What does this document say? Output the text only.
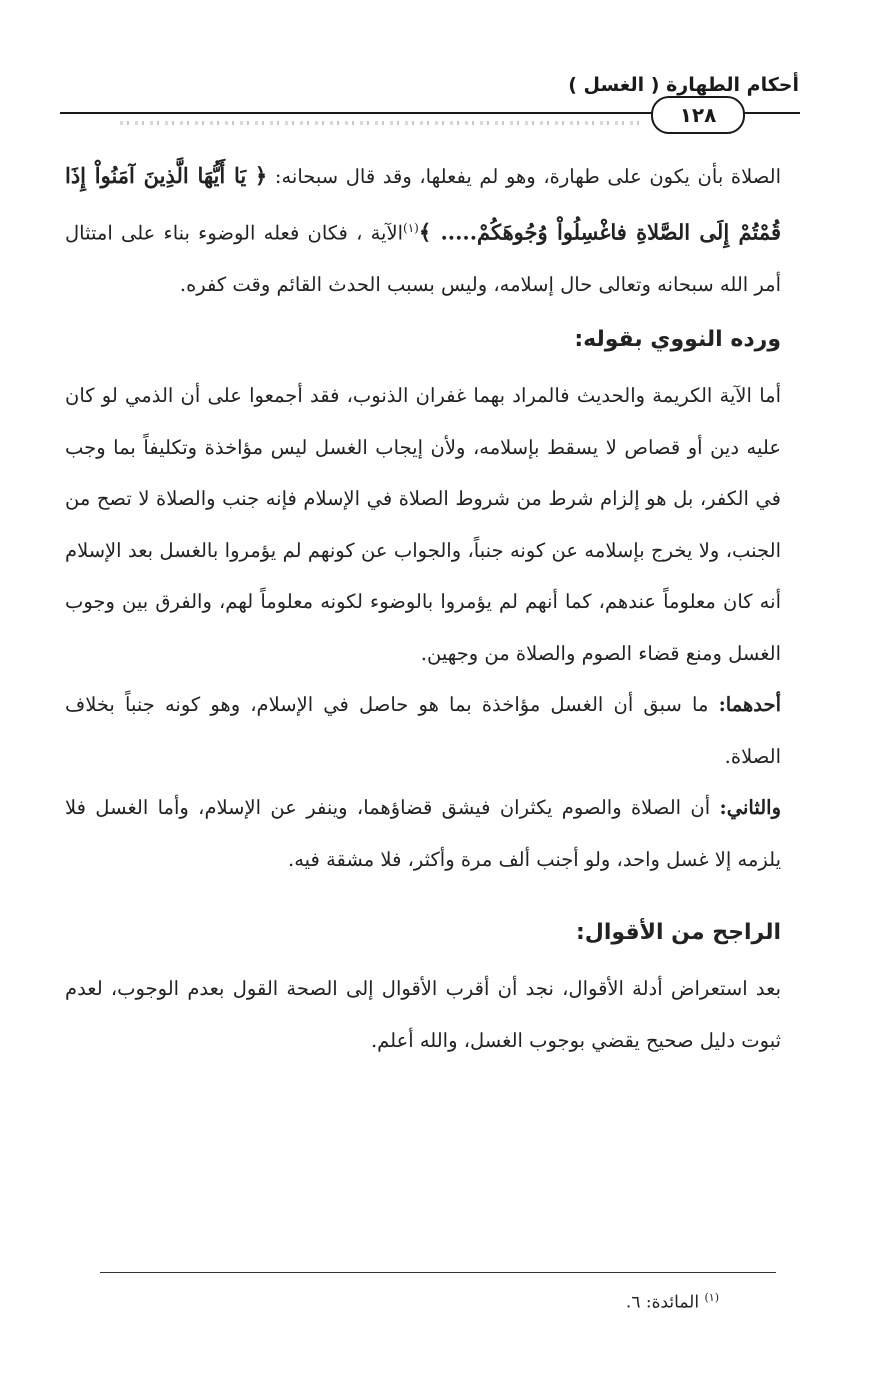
أحكام الطهارة ( الغسل )
١٢٨

الصلاة بأن يكون على طهارة، وهو لم يفعلها، وقد قال سبحانه: ﴿ يَا أَيُّهَا الَّذِينَ آمَنُواْ إِذَا قُمْتُمْ إِلَى الصَّلاةِ فاغْسِلُواْ وُجُوهَكُمْ..... ﴾$^{(١)}$الآية ، فكان فعله الوضوء بناء على امتثال أمر الله سبحانه وتعالى حال إسلامه، وليس بسبب الحدث القائم وقت كفره.

ورده النووي بقوله:

أما الآية الكريمة والحديث فالمراد بهما غفران الذنوب، فقد أجمعوا على أن الذمي لو كان عليه دين أو قصاص لا يسقط بإسلامه، ولأن إيجاب الغسل ليس مؤاخذة وتكليفاً بما وجب في الكفر، بل هو إلزام شرط من شروط الصلاة في الإسلام فإنه جنب والصلاة لا تصح من الجنب، ولا يخرج بإسلامه عن كونه جنباً، والجواب عن كونهم لم يؤمروا بالغسل بعد الإسلام أنه كان معلوماً عندهم، كما أنهم لم يؤمروا بالوضوء لكونه معلوماً لهم، والفرق بين وجوب الغسل ومنع قضاء الصوم والصلاة من وجهين.

أحدهما: ما سبق أن الغسل مؤاخذة بما هو حاصل في الإسلام، وهو كونه جنباً بخلاف الصلاة.

والثاني: أن الصلاة والصوم يكثران فيشق قضاؤهما، وينفر عن الإسلام، وأما الغسل فلا يلزمه إلا غسل واحد، ولو أجنب ألف مرة وأكثر، فلا مشقة فيه.

الراجح من الأقوال:

بعد استعراض أدلة الأقوال، نجد أن أقرب الأقوال إلى الصحة القول بعدم الوجوب، لعدم ثبوت دليل صحيح يقضي بوجوب الغسل، والله أعلم.

$^{(١)}$ المائدة: ٦.
